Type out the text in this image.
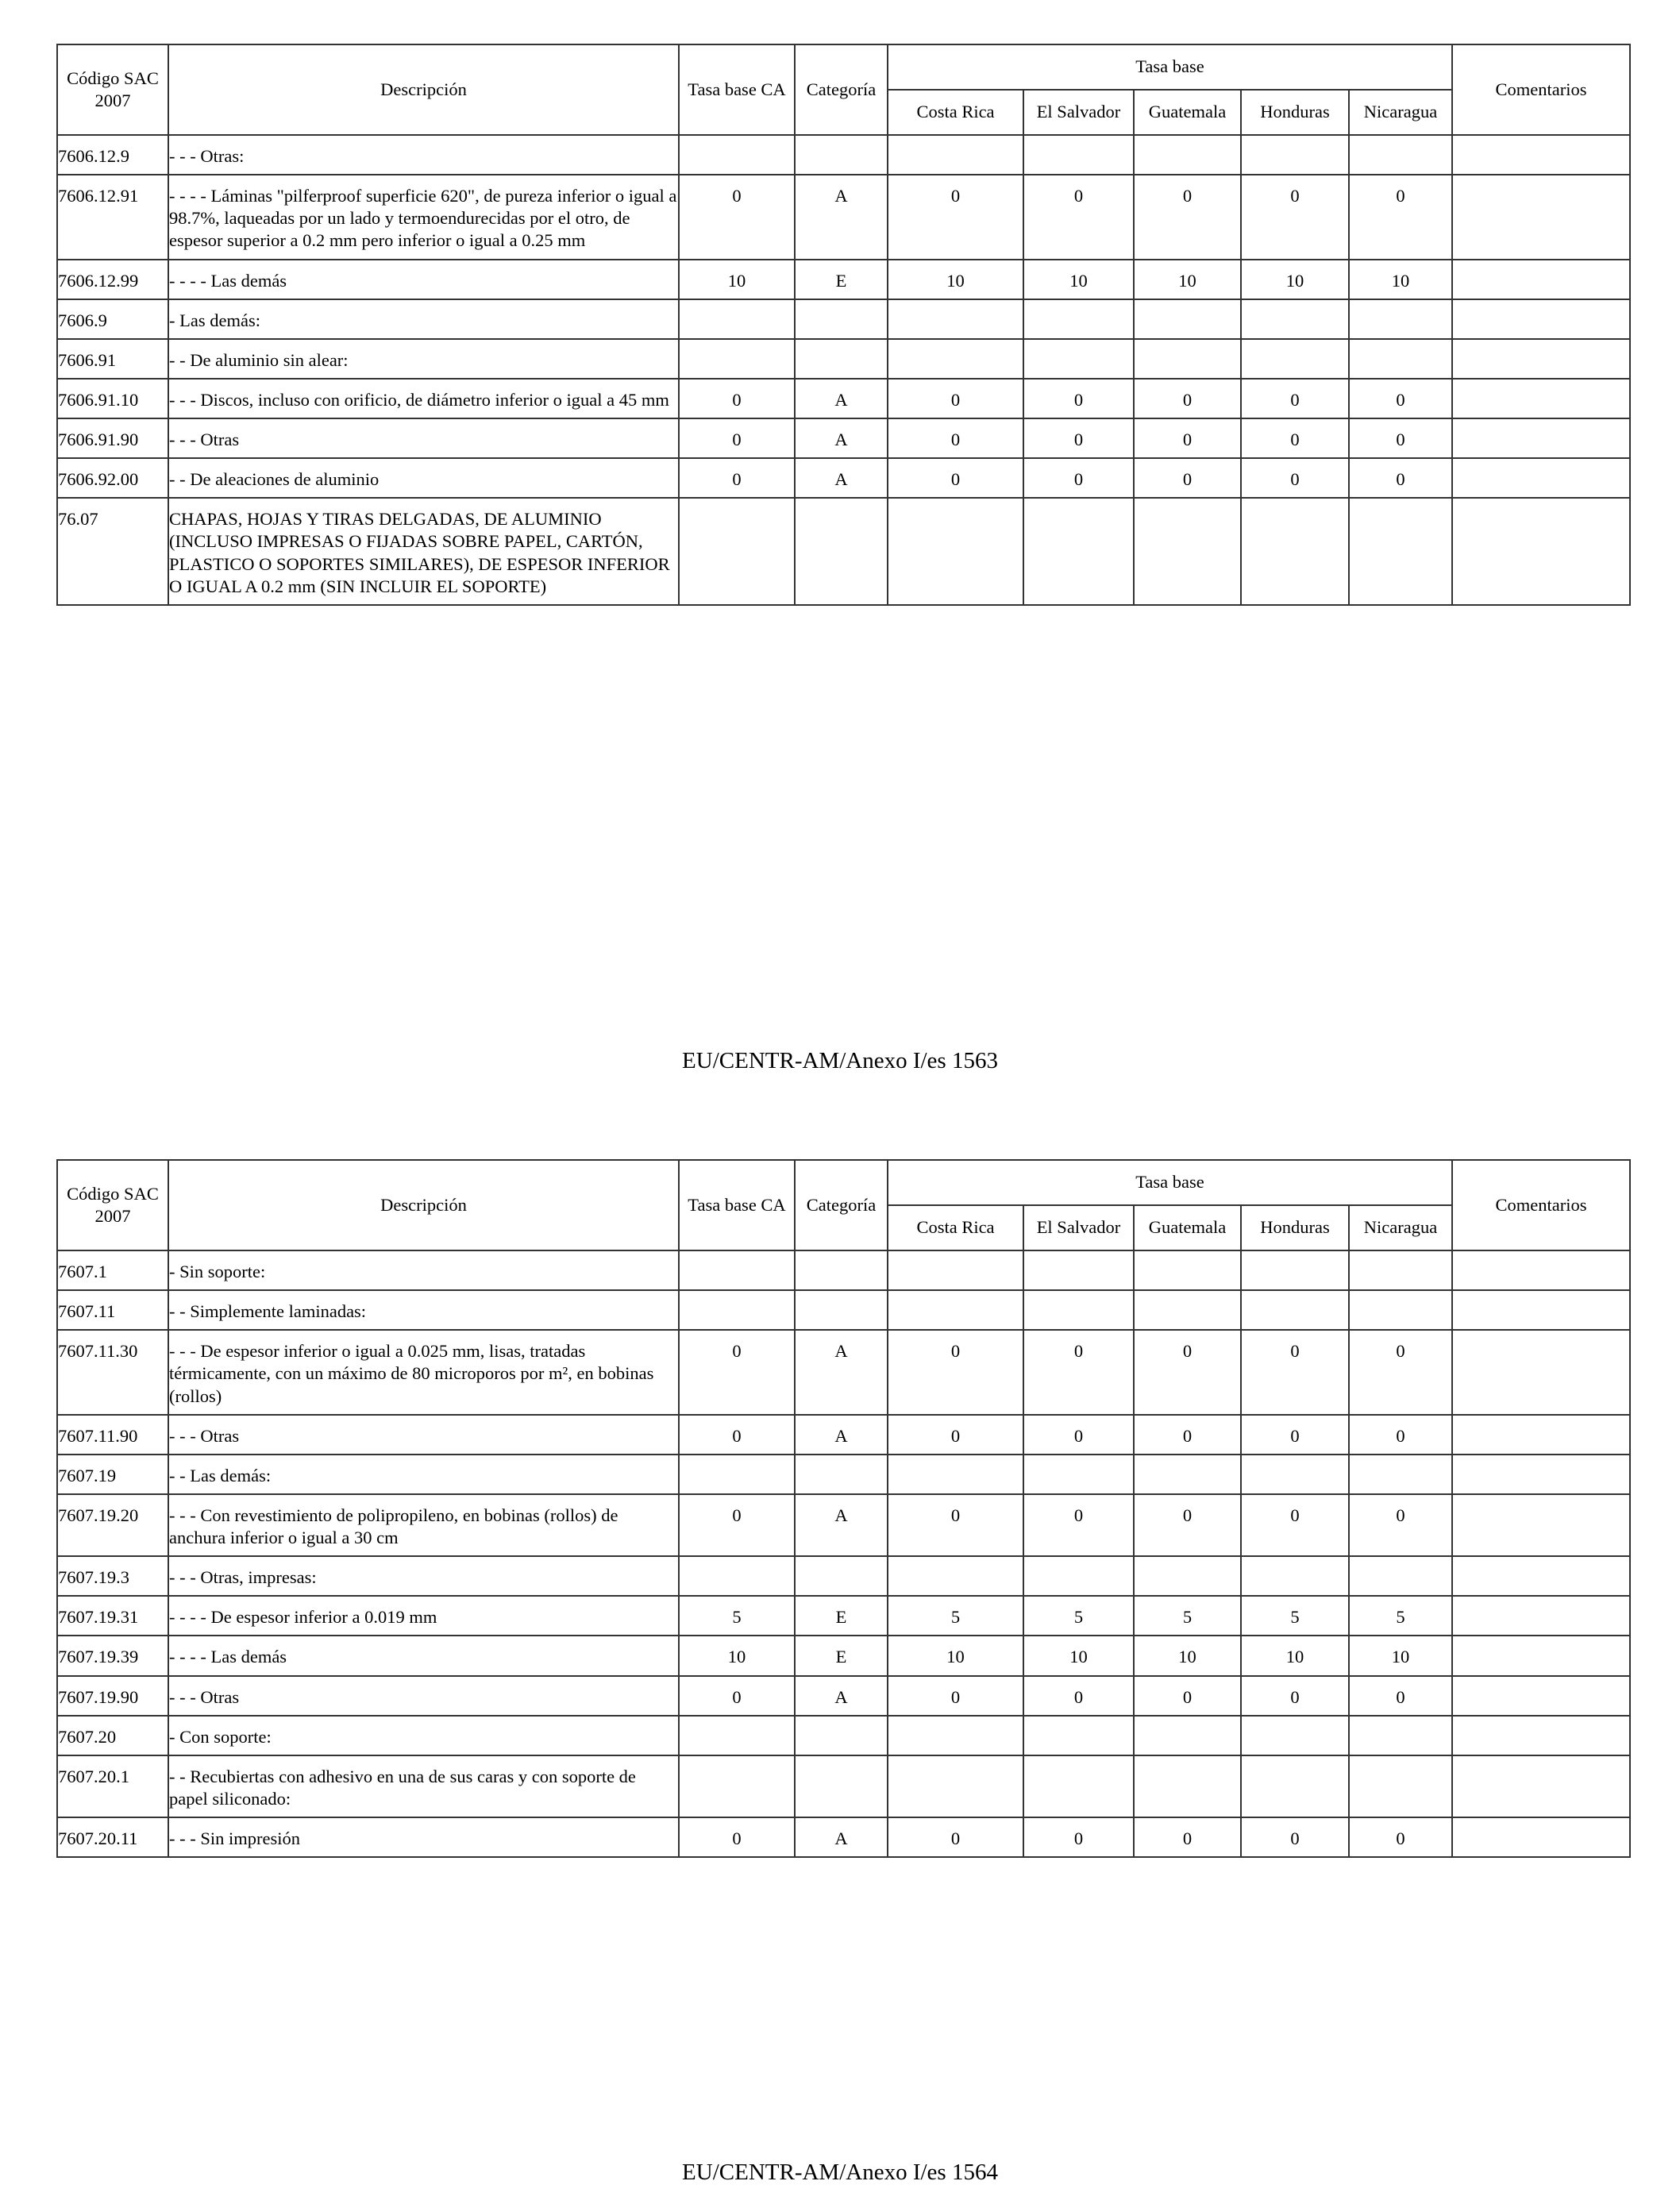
Código SAC 2007	Descripción	Tasa base CA	Categoría	Tasa base					Comentarios
				Costa Rica	El Salvador	Guatemala	Honduras	Nicaragua	
7606.12.9	- - - Otras:								
7606.12.91	- - - - Láminas "pilferproof superficie 620", de pureza inferior o igual a 98.7%, laqueadas por un lado y termoendurecidas por el otro, de espesor superior a 0.2 mm pero inferior o igual a 0.25 mm	0	A	0	0	0	0	0	
7606.12.99	- - - - Las demás	10	E	10	10	10	10	10	
7606.9	- Las demás:								
7606.91	- - De aluminio sin alear:								
7606.91.10	- - - Discos, incluso con orificio, de diámetro inferior o igual a 45 mm	0	A	0	0	0	0	0	
7606.91.90	- - - Otras	0	A	0	0	0	0	0	
7606.92.00	- - De aleaciones de aluminio	0	A	0	0	0	0	0	
76.07	CHAPAS, HOJAS Y TIRAS DELGADAS, DE ALUMINIO (INCLUSO IMPRESAS O FIJADAS SOBRE PAPEL, CARTÓN, PLASTICO O SOPORTES SIMILARES), DE ESPESOR INFERIOR O IGUAL A 0.2 mm (SIN INCLUIR EL SOPORTE)								
EU/CENTR-AM/Anexo I/es 1563
Código SAC 2007	Descripción	Tasa base CA	Categoría	Tasa base					Comentarios
				Costa Rica	El Salvador	Guatemala	Honduras	Nicaragua	
7607.1	- Sin soporte:								
7607.11	- - Simplemente laminadas:								
7607.11.30	- - - De espesor inferior o igual a 0.025 mm, lisas, tratadas térmicamente, con un máximo de 80 microporos por m², en bobinas (rollos)	0	A	0	0	0	0	0	
7607.11.90	- - - Otras	0	A	0	0	0	0	0	
7607.19	- - Las demás:								
7607.19.20	- - - Con revestimiento de polipropileno, en bobinas (rollos) de anchura inferior o igual a 30 cm	0	A	0	0	0	0	0	
7607.19.3	- - - Otras, impresas:								
7607.19.31	- - - - De espesor inferior a 0.019 mm	5	E	5	5	5	5	5	
7607.19.39	- - - - Las demás	10	E	10	10	10	10	10	
7607.19.90	- - - Otras	0	A	0	0	0	0	0	
7607.20	- Con soporte:								
7607.20.1	- - Recubiertas con adhesivo en una de sus caras y con soporte de papel siliconado:								
7607.20.11	- - - Sin impresión	0	A	0	0	0	0	0	
EU/CENTR-AM/Anexo I/es 1564
